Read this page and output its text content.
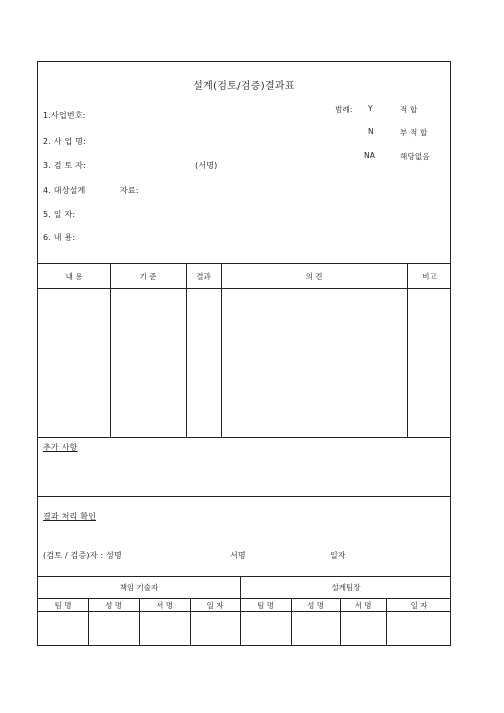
설계(검토/검증)결과표
1.사업번호:
2. 사 업 명:
3. 검 토 자:	(서명)
4. 대상설계	자료:
5. 일 자:
6. 내 용:
범례: Y	적 합
N	부 적 합
NA	해당없음
내 용	기 준	결과	의 견	비고
추가 사항
결과 처리 확인
(검토 / 검증)자 : 성명	서명	일자
책임 기술자	설계팀장
팀 명	성 명	서 명	일 자	팀 명	성 명	서 명	일 자
